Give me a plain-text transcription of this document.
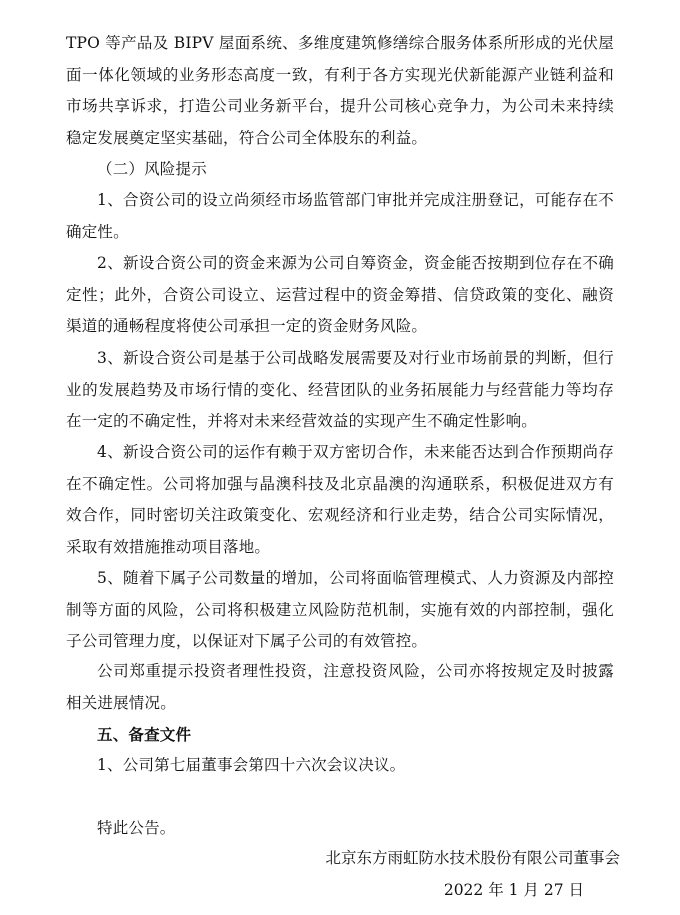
TPO 等产品及 BIPV 屋面系统、多维度建筑修缮综合服务体系所形成的光伏屋面一体化领域的业务形态高度一致，有利于各方实现光伏新能源产业链利益和市场共享诉求，打造公司业务新平台，提升公司核心竞争力，为公司未来持续稳定发展奠定坚实基础，符合公司全体股东的利益。

（二）风险提示

1、合资公司的设立尚须经市场监管部门审批并完成注册登记，可能存在不确定性。

2、新设合资公司的资金来源为公司自筹资金，资金能否按期到位存在不确定性；此外，合资公司设立、运营过程中的资金筹措、信贷政策的变化、融资渠道的通畅程度将使公司承担一定的资金财务风险。

3、新设合资公司是基于公司战略发展需要及对行业市场前景的判断，但行业的发展趋势及市场行情的变化、经营团队的业务拓展能力与经营能力等均存在一定的不确定性，并将对未来经营效益的实现产生不确定性影响。

4、新设合资公司的运作有赖于双方密切合作，未来能否达到合作预期尚存在不确定性。公司将加强与晶澳科技及北京晶澳的沟通联系，积极促进双方有效合作，同时密切关注政策变化、宏观经济和行业走势，结合公司实际情况，采取有效措施推动项目落地。

5、随着下属子公司数量的增加，公司将面临管理模式、人力资源及内部控制等方面的风险，公司将积极建立风险防范机制，实施有效的内部控制，强化子公司管理力度，以保证对下属子公司的有效管控。

公司郑重提示投资者理性投资，注意投资风险，公司亦将按规定及时披露相关进展情况。

五、备查文件

1、公司第七届董事会第四十六次会议决议。

特此公告。

北京东方雨虹防水技术股份有限公司董事会

2022 年 1 月 27 日
